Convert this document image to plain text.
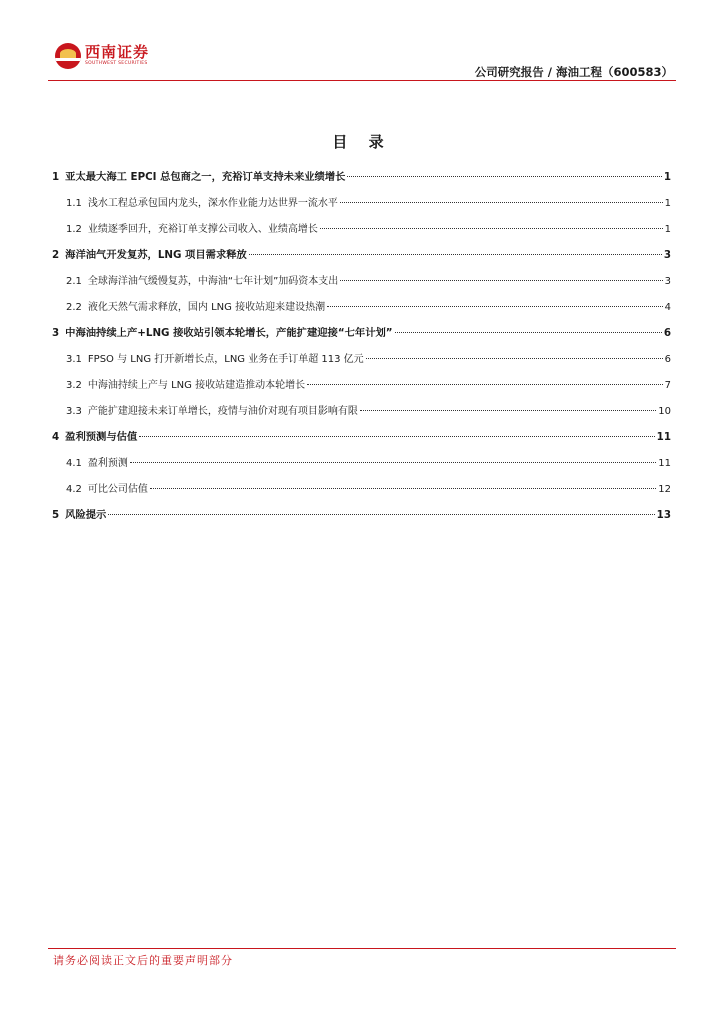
西南证券
SOUTHWEST SECURITIES
公司研究报告 / 海油工程（600583）
目 录
1 亚太最大海工 EPCI 总包商之一，充裕订单支持未来业绩增长	1
1.1 浅水工程总承包国内龙头，深水作业能力达世界一流水平	1
1.2 业绩逐季回升，充裕订单支撑公司收入、业绩高增长	1
2 海洋油气开发复苏，LNG 项目需求释放	3
2.1 全球海洋油气缓慢复苏，中海油“七年计划”加码资本支出	3
2.2 液化天然气需求释放，国内 LNG 接收站迎来建设热潮	4
3 中海油持续上产+LNG 接收站引领本轮增长，产能扩建迎接“七年计划”	6
3.1 FPSO 与 LNG 打开新增长点，LNG 业务在手订单超 113 亿元	6
3.2 中海油持续上产与 LNG 接收站建造推动本轮增长	7
3.3 产能扩建迎接未来订单增长，疫情与油价对现有项目影响有限	10
4 盈利预测与估值	11
4.1 盈利预测	11
4.2 可比公司估值	12
5 风险提示	13
请务必阅读正文后的重要声明部分
